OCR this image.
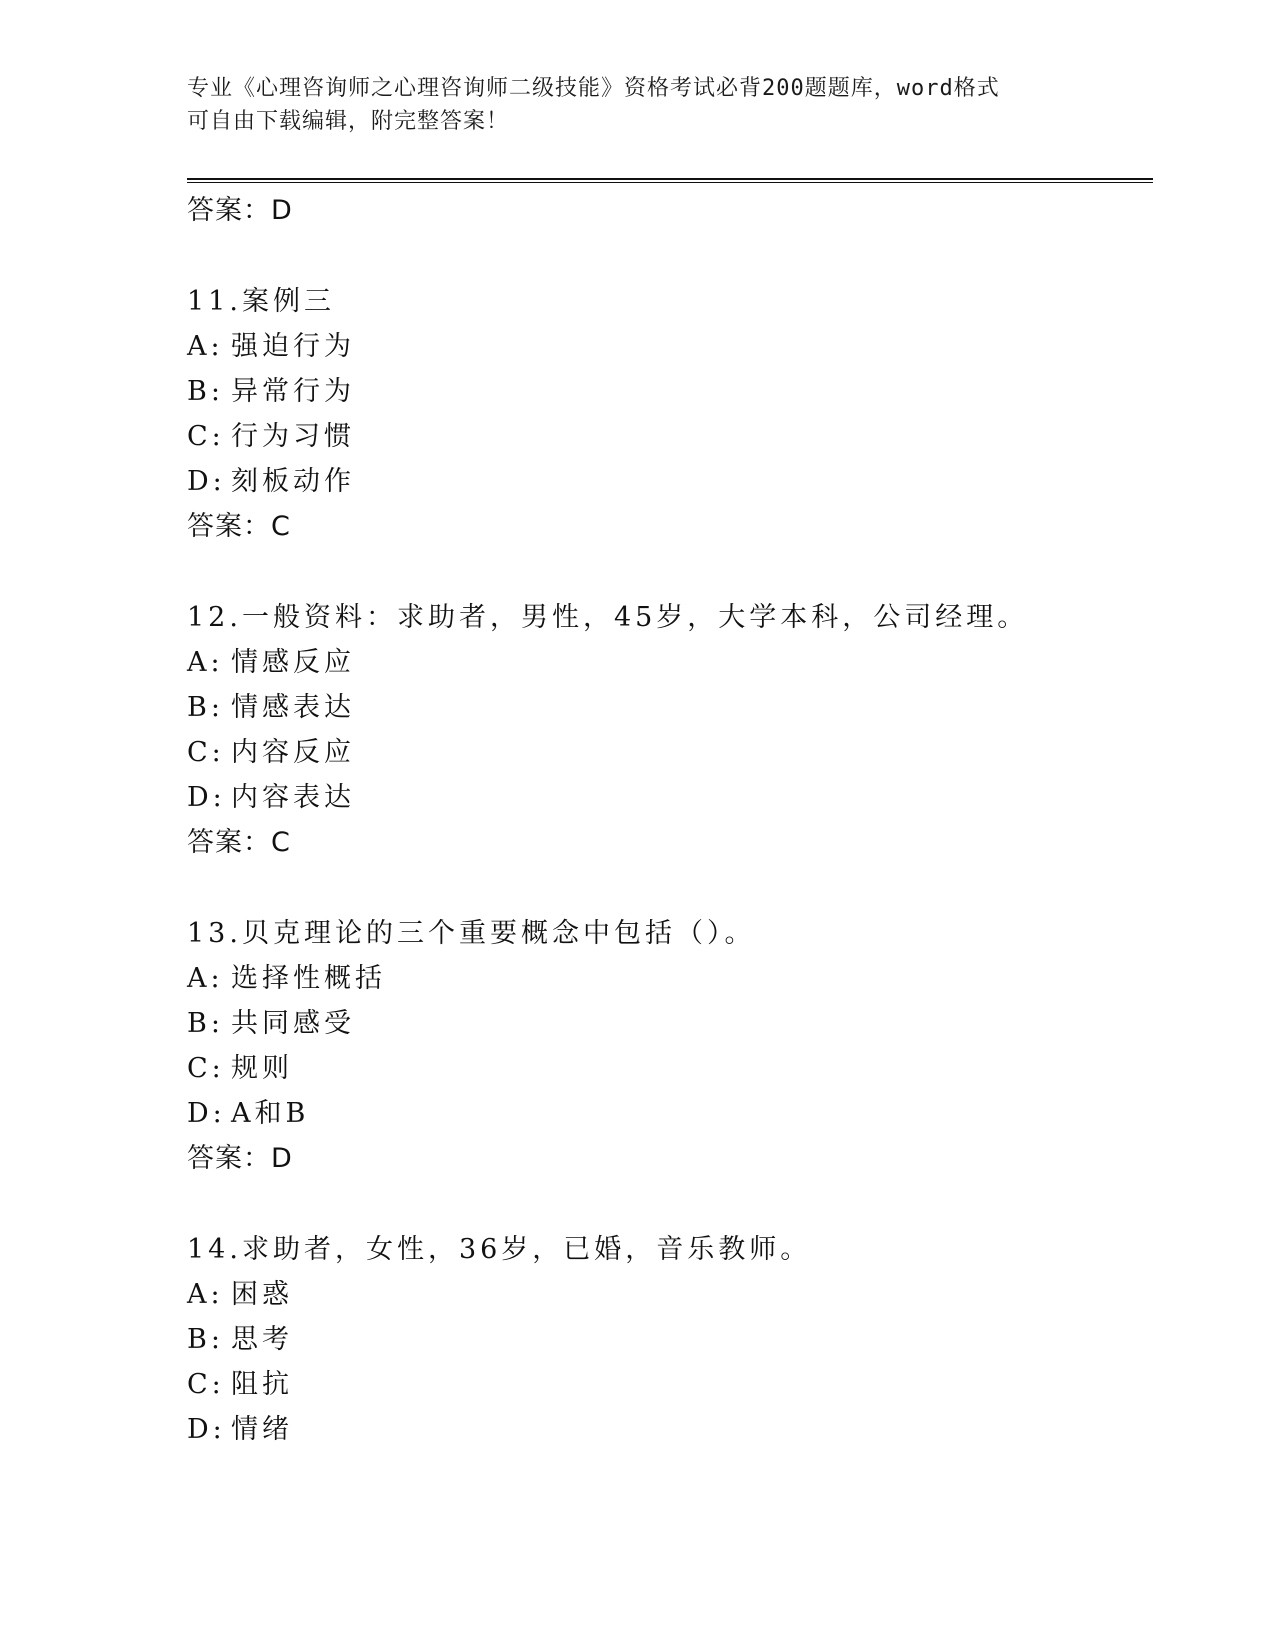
专业《心理咨询师之心理咨询师二级技能》资格考试必背200题题库，word格式
可自由下载编辑，附完整答案！
答案：D
11.案例三
A: 强迫行为
B: 异常行为
C: 行为习惯
D: 刻板动作
答案：C
12.一般资料：求助者，男性，45岁，大学本科，公司经理。
A: 情感反应
B: 情感表达
C: 内容反应
D: 内容表达
答案：C
13.贝克理论的三个重要概念中包括（）。
A: 选择性概括
B: 共同感受
C: 规则
D: A和B
答案：D
14.求助者，女性，36岁，已婚，音乐教师。
A: 困惑
B: 思考
C: 阻抗
D: 情绪
